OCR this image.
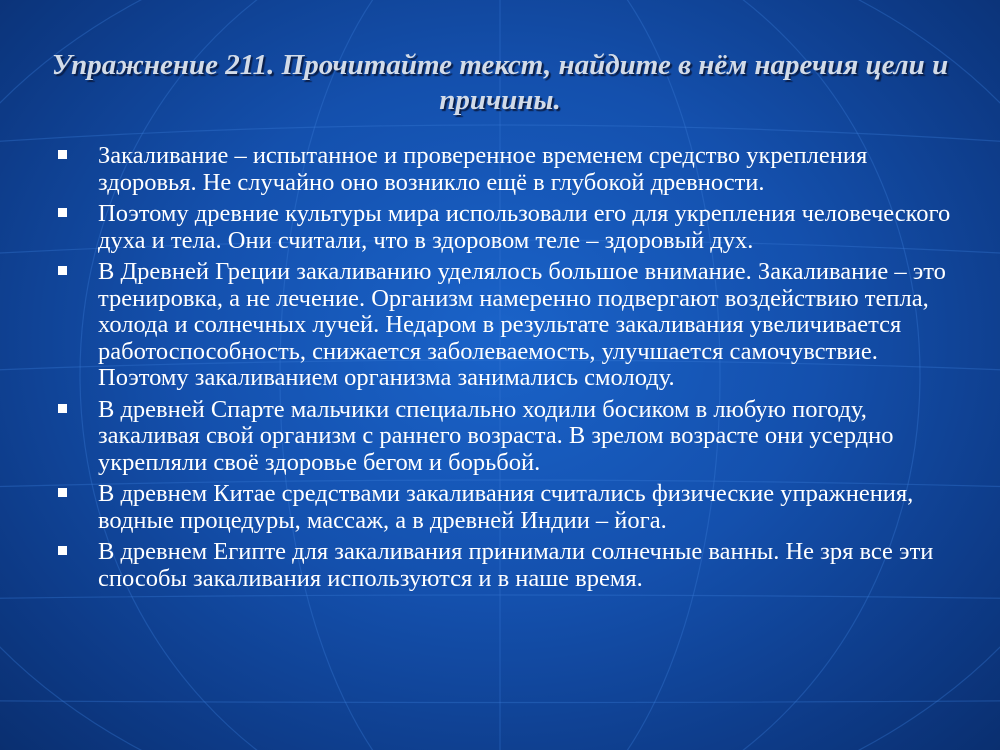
Упражнение 211. Прочитайте текст, найдите в нём наречия цели и причины.
Закаливание – испытанное и проверенное временем средство укрепления здоровья. Не случайно оно возникло ещё в глубокой древности.
Поэтому древние культуры мира использовали его для укрепления человеческого духа и тела. Они считали, что в здоровом теле – здоровый дух.
В Древней Греции закаливанию уделялось большое внимание. Закаливание – это тренировка, а не лечение. Организм намеренно подвергают воздействию тепла, холода и солнечных лучей. Недаром в результате закаливания увеличивается работоспособность, снижается заболеваемость, улучшается самочувствие. Поэтому закаливанием организма занимались смолоду.
В древней Спарте мальчики специально ходили босиком в любую погоду, закаливая свой организм с раннего возраста. В зрелом возрасте они усердно укрепляли своё здоровье бегом и борьбой.
В древнем Китае средствами закаливания считались физические упражнения, водные процедуры, массаж, а в древней Индии – йога.
В древнем Египте для закаливания принимали солнечные ванны. Не зря все эти способы закаливания используются и в наше время.
